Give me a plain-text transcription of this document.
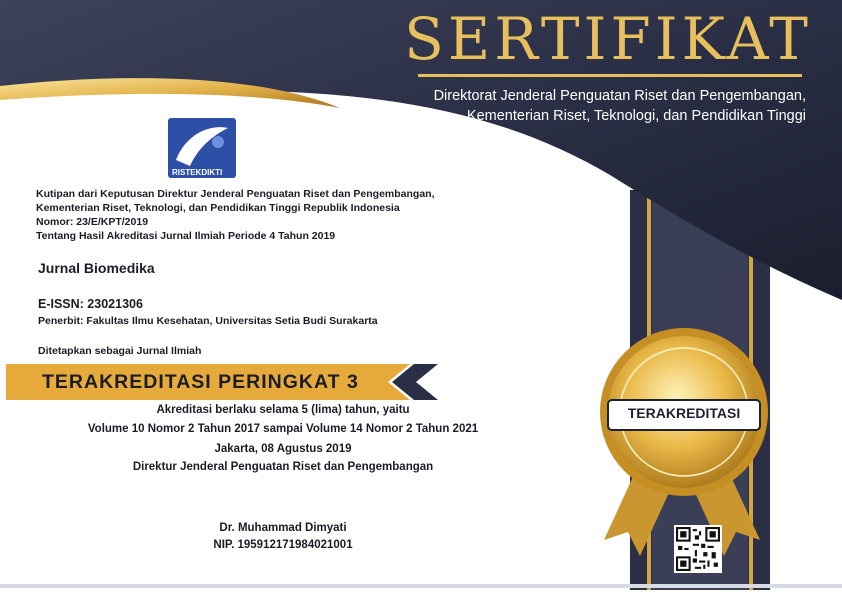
SERTIFIKAT
Direktorat Jenderal Penguatan Riset dan Pengembangan,
Kementerian Riset, Teknologi, dan Pendidikan Tinggi
RISTEKDIKTI
Kutipan dari Keputusan Direktur Jenderal Penguatan Riset dan Pengembangan,
Kementerian Riset, Teknologi, dan Pendidikan Tinggi Republik Indonesia
Nomor: 23/E/KPT/2019
Tentang Hasil Akreditasi Jurnal Ilmiah Periode 4 Tahun 2019
Jurnal Biomedika
E-ISSN: 23021306
Penerbit: Fakultas Ilmu Kesehatan, Universitas Setia Budi Surakarta
Ditetapkan sebagai Jurnal Ilmiah
TERAKREDITASI PERINGKAT 3
Akreditasi berlaku selama 5 (lima) tahun, yaitu
Volume 10 Nomor 2 Tahun 2017 sampai Volume 14 Nomor 2 Tahun 2021
Jakarta, 08 Agustus 2019
Direktur Jenderal Penguatan Riset dan Pengembangan
Dr. Muhammad Dimyati
NIP. 195912171984021001
TERAKREDITASI
